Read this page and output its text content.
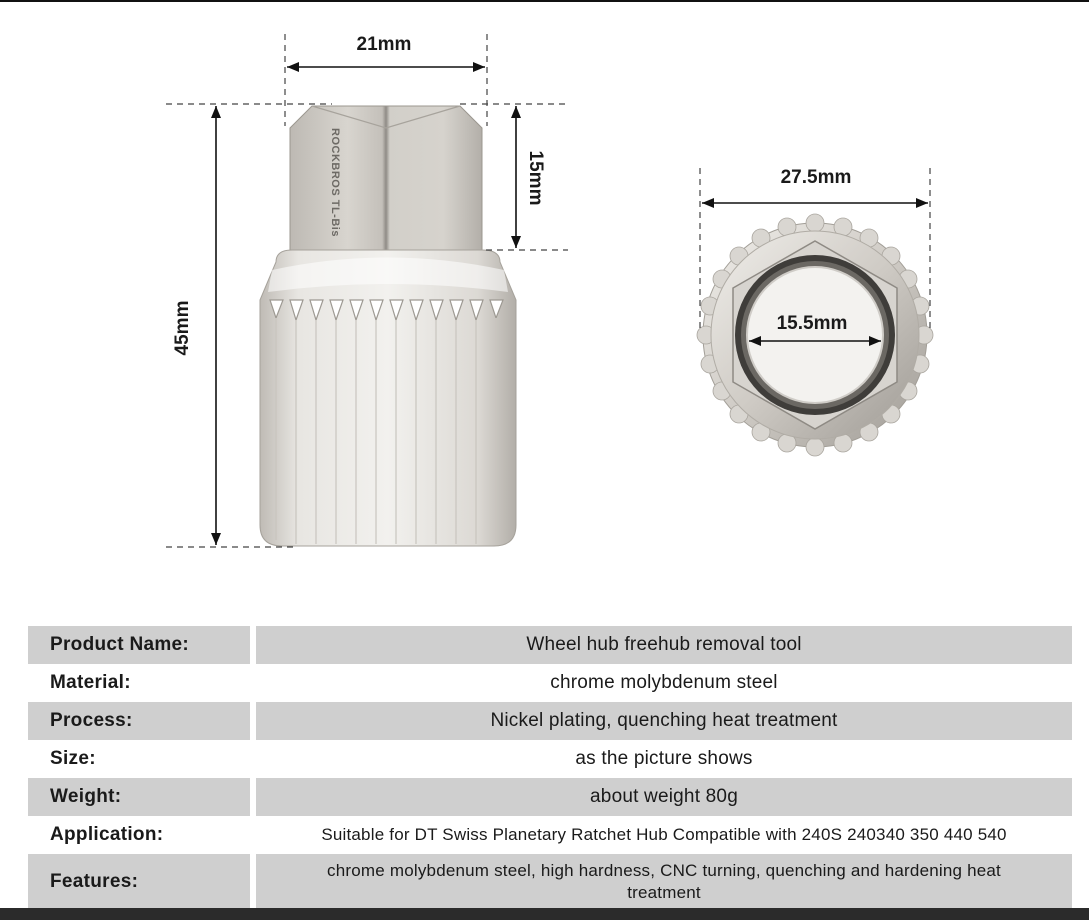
ROCKBROS TL-Bis
21mm
15mm
45mm
27.5mm
15.5mm
Product Name:		Wheel hub freehub removal tool
Material:		chrome molybdenum steel
Process:		Nickel plating, quenching heat treatment
Size:		as the picture shows
Weight:		about weight 80g
Application:		Suitable for DT Swiss Planetary Ratchet Hub Compatible with 240S 240340 350 440 540
Features:		chrome molybdenum steel, high hardness, CNC turning, quenching and hardening heat treatment
